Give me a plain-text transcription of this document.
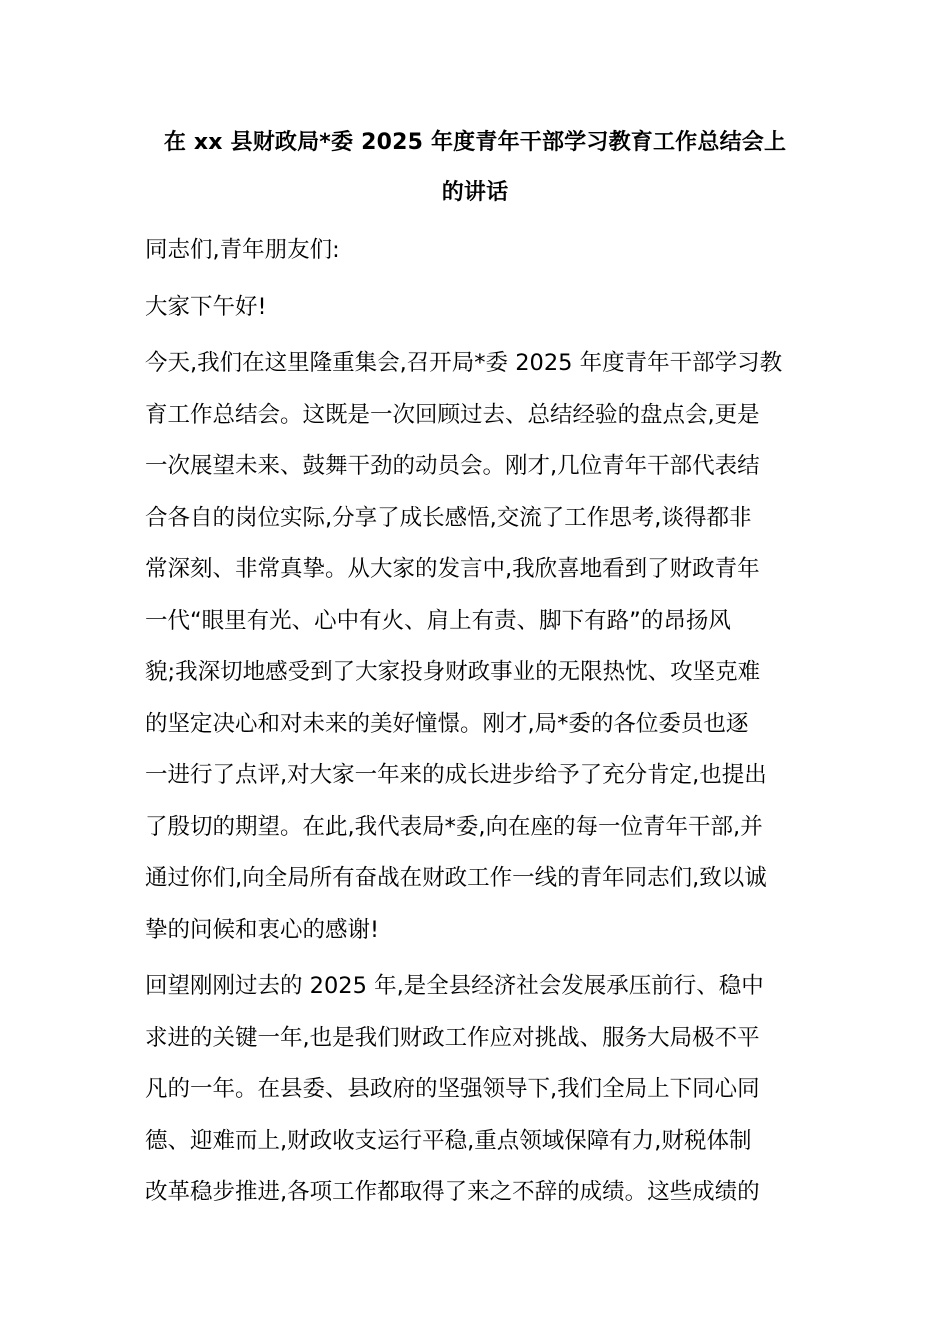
在 xx 县财政局*委 2025 年度青年干部学习教育工作总结会上
的讲话

同志们,青年朋友们:

大家下午好!

今天,我们在这里隆重集会,召开局*委 2025 年度青年干部学习教
育工作总结会。这既是一次回顾过去、总结经验的盘点会,更是
一次展望未来、鼓舞干劲的动员会。刚才,几位青年干部代表结
合各自的岗位实际,分享了成长感悟,交流了工作思考,谈得都非
常深刻、非常真挚。从大家的发言中,我欣喜地看到了财政青年
一代“眼里有光、心中有火、肩上有责、脚下有路”的昂扬风
貌;我深切地感受到了大家投身财政事业的无限热忱、攻坚克难
的坚定决心和对未来的美好憧憬。刚才,局*委的各位委员也逐
一进行了点评,对大家一年来的成长进步给予了充分肯定,也提出
了殷切的期望。在此,我代表局*委,向在座的每一位青年干部,并
通过你们,向全局所有奋战在财政工作一线的青年同志们,致以诚
挚的问候和衷心的感谢!

回望刚刚过去的 2025 年,是全县经济社会发展承压前行、稳中
求进的关键一年,也是我们财政工作应对挑战、服务大局极不平
凡的一年。在县委、县政府的坚强领导下,我们全局上下同心同
德、迎难而上,财政收支运行平稳,重点领域保障有力,财税体制
改革稳步推进,各项工作都取得了来之不辞的成绩。这些成绩的
